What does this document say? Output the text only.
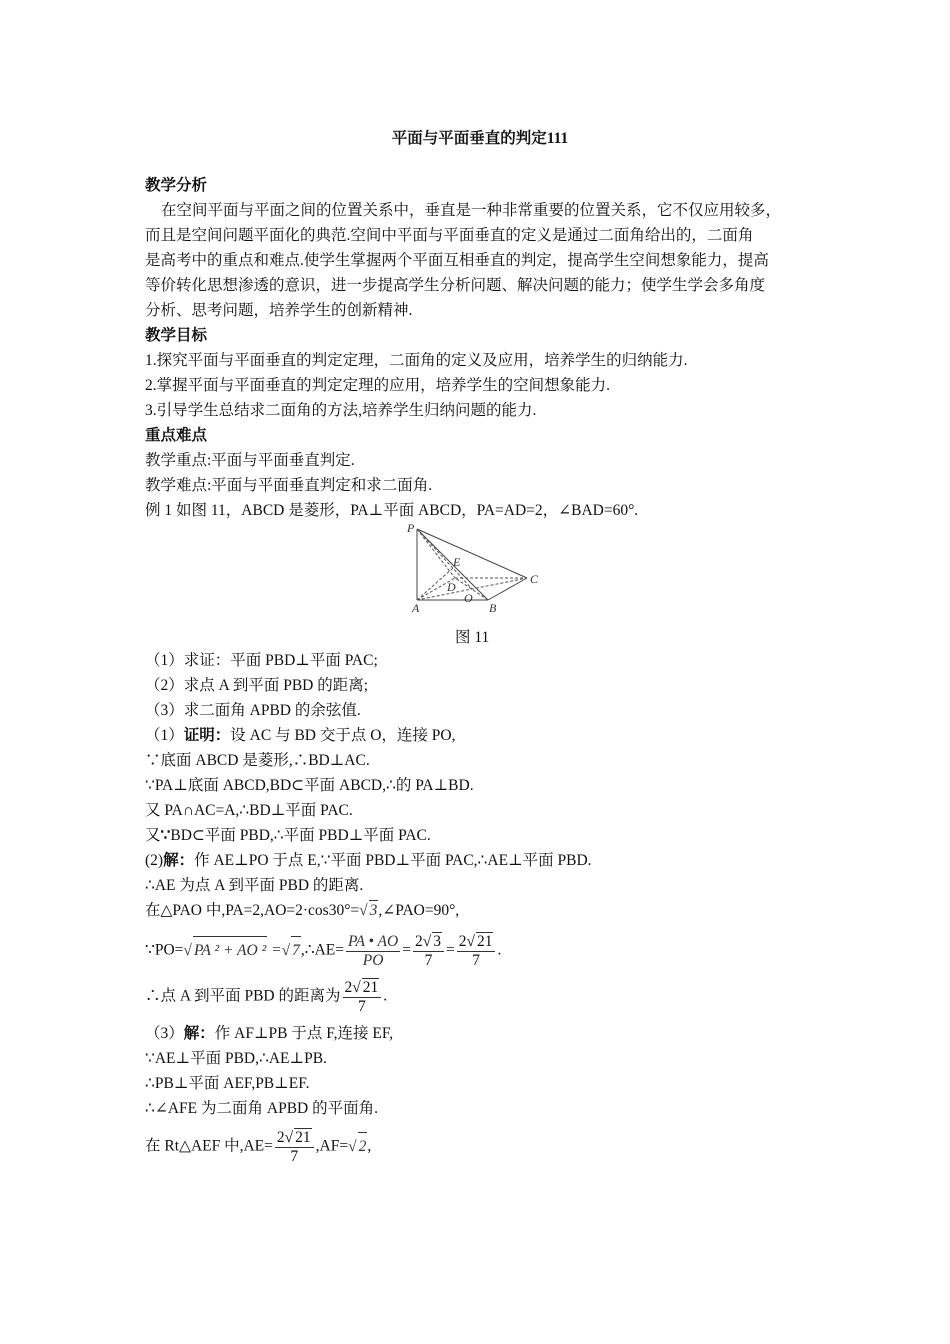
平面与平面垂直的判定111
教学分析
在空间平面与平面之间的位置关系中，垂直是一种非常重要的位置关系，它不仅应用较多，
而且是空间问题平面化的典范.空间中平面与平面垂直的定义是通过二面角给出的，二面角
是高考中的重点和难点.使学生掌握两个平面互相垂直的判定，提高学生空间想象能力，提高
等价转化思想渗透的意识，进一步提高学生分析问题、解决问题的能力；使学生学会多角度
分析、思考问题，培养学生的创新精神.
教学目标
1.探究平面与平面垂直的判定定理，二面角的定义及应用，培养学生的归纳能力.
2.掌握平面与平面垂直的判定定理的应用，培养学生的空间想象能力.
3.引导学生总结求二面角的方法,培养学生归纳问题的能力.
重点难点
教学重点:平面与平面垂直判定.
教学难点:平面与平面垂直判定和求二面角.
例 1 如图 11，ABCD 是菱形，PA⊥平面 ABCD，PA=AD=2，∠BAD=60°.
P
E
D
O
C
A	B
图 11
（1）求证：平面 PBD⊥平面 PAC;
（2）求点 A 到平面 PBD 的距离;
（3）求二面角 APBD 的余弦值.
（1）证明：设 AC 与 BD 交于点 O，连接 PO,
∵底面 ABCD 是菱形,∴BD⊥AC.
∵PA⊥底面 ABCD,BD⊂平面 ABCD,∴的 PA⊥BD.
又 PA∩AC=A,∴BD⊥平面 PAC.
又∵BD⊂平面 PBD,∴平面 PBD⊥平面 PAC.
(2)解：作 AE⊥PO 于点 E,∵平面 PBD⊥平面 PAC,∴AE⊥平面 PBD.
∴AE 为点 A 到平面 PBD 的距离.
在△PAO 中,PA=2,AO=2·cos30°=√ 3,∠PAO=90°,
∵PO=√ PA ² + AO ² =√ 7,∴AE= $\frac{PA • AO}{PO} = \frac{2√ 3}{7} = \frac{2√ 21}{7}$ .
∴点 A 到平面 PBD 的距离为 $\frac{2√ 21}{7}$ .
（3）解：作 AF⊥PB 于点 F,连接 EF,
∵AE⊥平面 PBD,∴AE⊥PB.
∴PB⊥平面 AEF,PB⊥EF.
∴∠AFE 为二面角 APBD 的平面角.
在 Rt△AEF 中$,AE= \frac{2√ 21}{7} ,AF=√$ 2,
